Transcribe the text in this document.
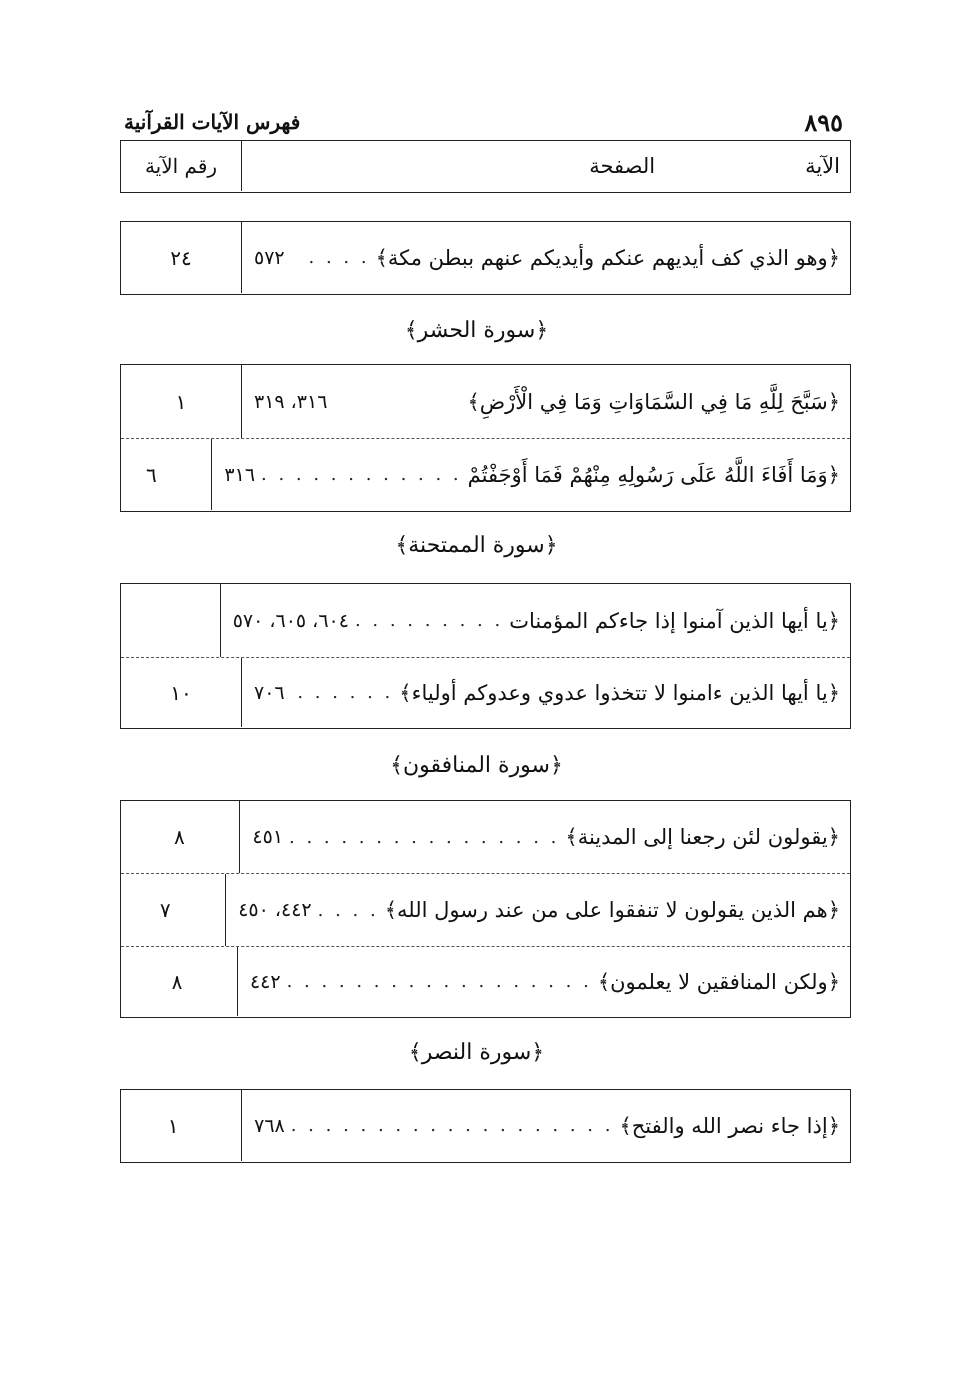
٨٩٥
فهرس الآيات القرآنية
الآية
الصفحة
رقم الآية
﴿وهو الذي كف أيديهم عنكم وأيديكم عنهم ببطن مكة﴾
. . . .
٥٧٢
٢٤
﴿سورة الحشر﴾
﴿سَبَّحَ لِلَّهِ مَا فِي السَّمَاوَاتِ وَمَا فِي الْأَرْضِ﴾
٣١٦، ٣١٩
١
﴿وَمَا أَفَاءَ اللَّهُ عَلَى رَسُولِهِ مِنْهُمْ فَمَا أَوْجَفْتُمْ
. . . . . . . . . . . .
٣١٦
٦
﴿سورة الممتحنة﴾
﴿يا أيها الذين آمنوا إذا جاءكم المؤمنات
. . . . . . . . .
٦٠٤، ٦٠٥، ٥٧٠
﴿يا أيها الذين ءامنوا لا تتخذوا عدوي وعدوكم أولياء﴾
. . . . . .
٧٠٦
١٠
﴿سورة المنافقون﴾
﴿يقولون لئن رجعنا إلى المدينة﴾
. . . . . . . . . . . . . . . .
٤٥١
٨
﴿هم الذين يقولون لا تنفقوا على من عند رسول الله﴾
. . . .
٤٤٢، ٤٥٠
٧
﴿ولكن المنافقين لا يعلمون﴾
. . . . . . . . . . . . . . . . . .
٤٤٢
٨
﴿سورة النصر﴾
﴿إذا جاء نصر الله والفتح﴾
. . . . . . . . . . . . . . . . . . .
٧٦٨
١
